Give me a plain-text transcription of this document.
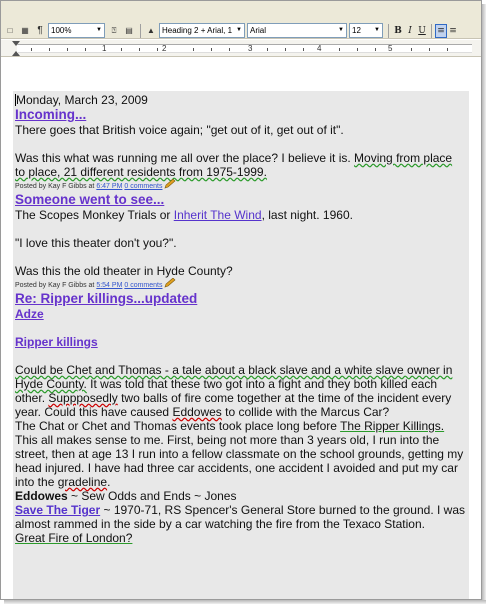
□	▦ ¶	100%	▼	⍰	▤	▲ Heading 2 + Arial, 1 ▼ Arial	▼ 12 ▼ B I U ≡ ≡
1	2	3	4	5
Monday, March 23, 2009
Incoming...
There goes that British voice again; "get out of it, get out of it".
Was this what was running me all over the place? I believe it is. Moving from place to place, 21 different residents from 1975-1999.
Posted by Kay F Gibbs at 6:47 PM 0 comments
Someone went to see...
The Scopes Monkey Trials or Inherit The Wind, last night. 1960.
"I love this theater don't you?".
Was this the old theater in Hyde County?
Posted by Kay F Gibbs at 5:54 PM 0 comments
Re: Ripper killings...updated
Adze
Ripper killings
Could be Chet and Thomas - a tale about a black slave and a white slave owner in Hyde County. It was told that these two got into a fight and they both killed each other. Suppposedly two balls of fire come together at the time of the incident every year. Could this have caused Eddowes to collide with the Marcus Car?
The Chat or Chet and Thomas events took place long before The Ripper Killings. This all makes sense to me. First, being not more than 3 years old, I run into the street, then at age 13 I run into a fellow classmate on the school grounds, getting my head injured. I have had three car accidents, one accident I avoided and put my car into the gradeline.
Eddowes ~ Sew Odds and Ends ~ Jones
Save The Tiger ~ 1970-71, RS Spencer's General Store burned to the ground. I was almost rammed in the side by a car watching the fire from the Texaco Station.
Great Fire of London?
